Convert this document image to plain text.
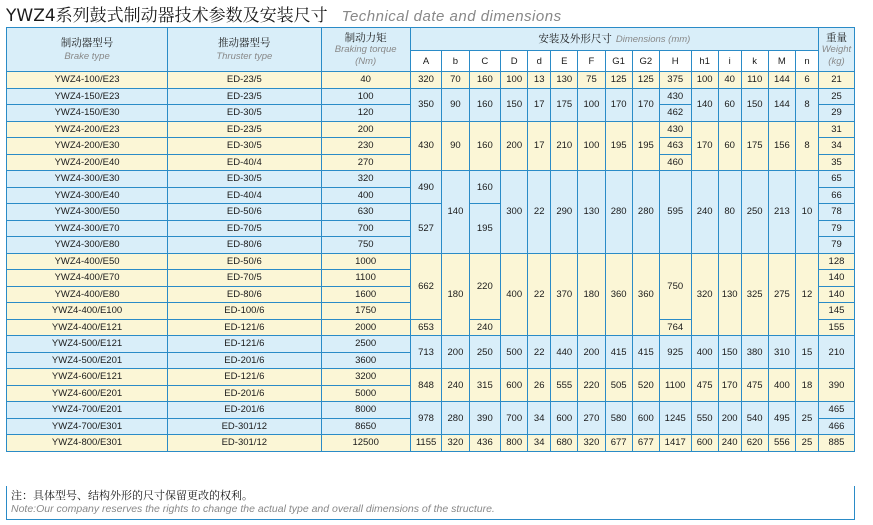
YWZ4系列鼓式制动器技术参数及安装尺寸 Technical date and dimensions
制动器型号
Brake type	推动器型号
Thruster type	制动力矩
Braking torque
(Nm)	安装及外形尺寸 Dimensions (mm)															重量
Weight
(kg)

			A	b	C	D	d	E	F	G1	G2	H	h1	i	k	M	n	
YWZ4-100/E23	ED-23/5	40	320	70	160	100	13	130	75	125	125	375	100	40	110	144	6	21
YWZ4-150/E23	ED-23/5	100	350	90	160	150	17	175	100	170	170	430	140	60	150	144	8	25
YWZ4-150/E30	ED-30/5	120										462						29
YWZ4-200/E23	ED-23/5	200	430	90	160	200	17	210	100	195	195	430	170	60	175	156	8	31
YWZ4-200/E30	ED-30/5	230										463						34
YWZ4-200/E40	ED-40/4	270										460						35
YWZ4-300/E30	ED-30/5	320	490	140	160	300	22	290	130	280	280	595	240	80	250	213	10	65
YWZ4-300/E40	ED-40/4	400																66
YWZ4-300/E50	ED-50/6	630	527		195													78
YWZ4-300/E70	ED-70/5	700																79
YWZ4-300/E80	ED-80/6	750																79
YWZ4-400/E50	ED-50/6	1000	662	180	220	400	22	370	180	360	360	750	320	130	325	275	12	128
YWZ4-400/E70	ED-70/5	1100																140
YWZ4-400/E80	ED-80/6	1600																140
YWZ4-400/E100	ED-100/6	1750																145
YWZ4-400/E121	ED-121/6	2000	653		240							764						155
YWZ4-500/E121	ED-121/6	2500	713	200	250	500	22	440	200	415	415	925	400	150	380	310	15	210
YWZ4-500/E201	ED-201/6	3600																
YWZ4-600/E121	ED-121/6	3200	848	240	315	600	26	555	220	505	520	1100	475	170	475	400	18	390
YWZ4-600/E201	ED-201/6	5000																
YWZ4-700/E201	ED-201/6	8000	978	280	390	700	34	600	270	580	600	1245	550	200	540	495	25	465
YWZ4-700/E301	ED-301/12	8650																466
YWZ4-800/E301	ED-301/12	12500	1155	320	436	800	34	680	320	677	677	1417	600	240	620	556	25	885
注：具体型号、结构外形的尺寸保留更改的权利。
Note:Our company reserves the rights to change the actual type and overall dimensions of the structure.
